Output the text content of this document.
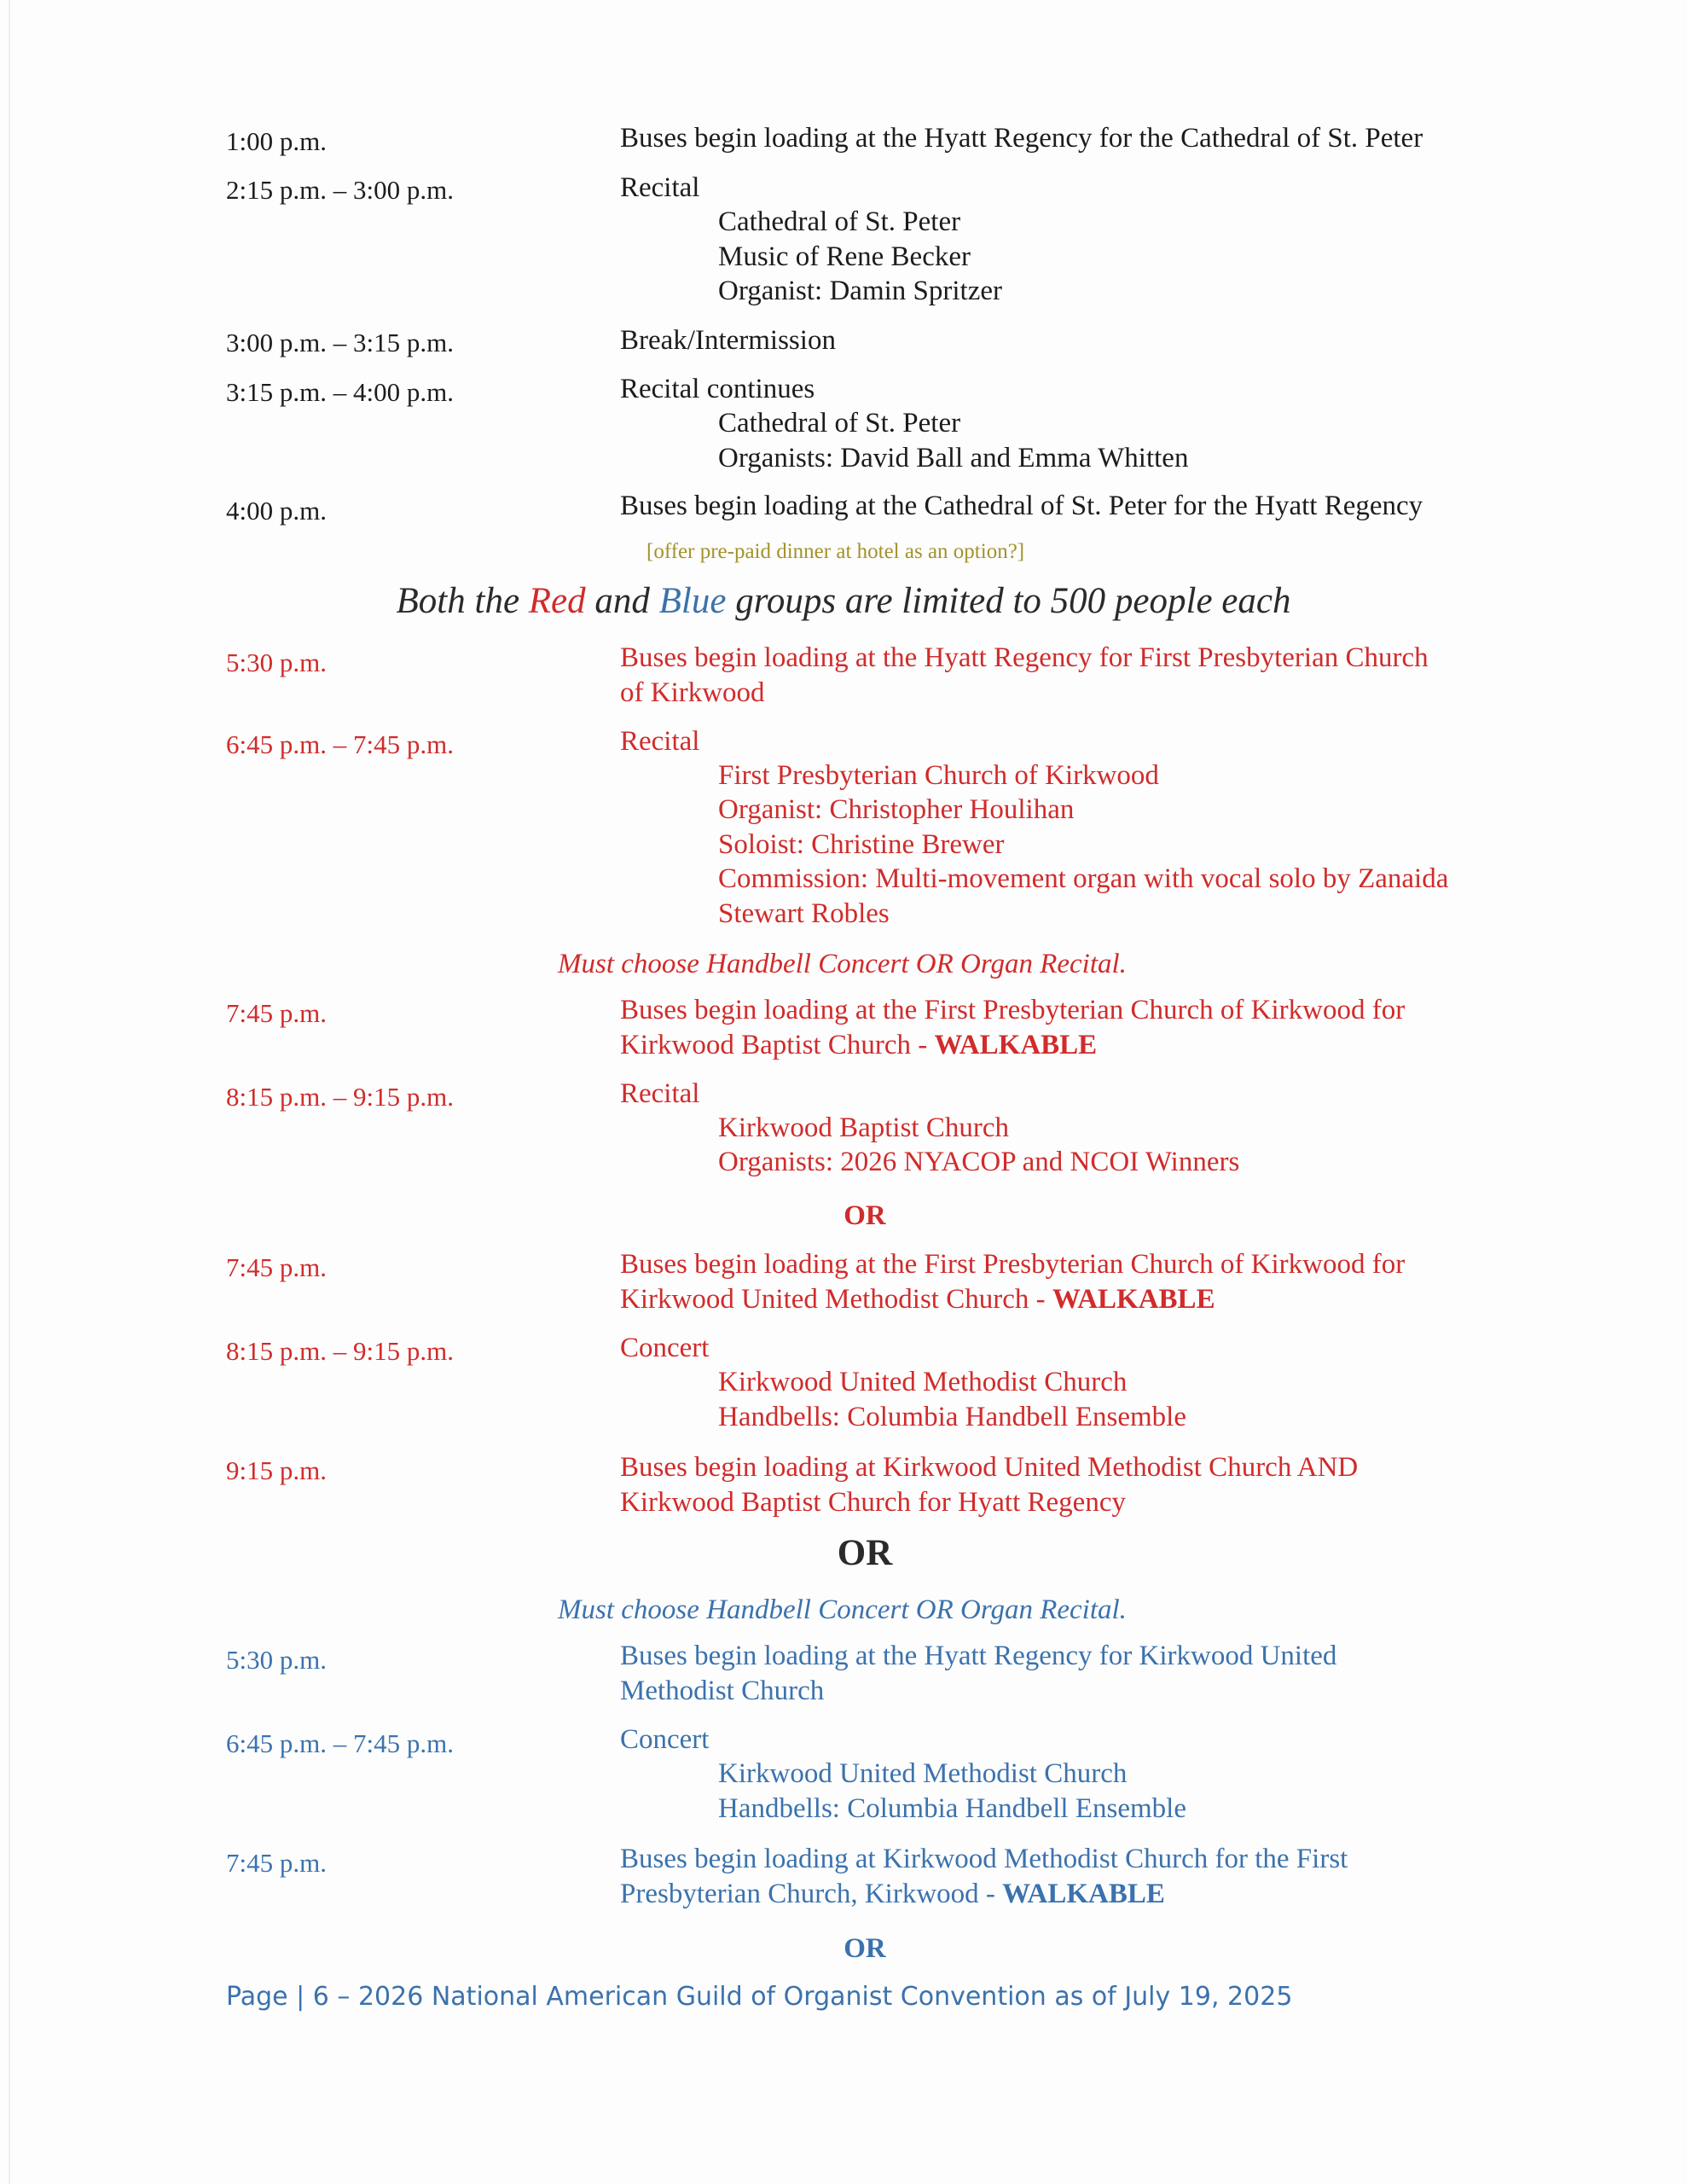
1:00 p.m.	Buses begin loading at the Hyatt Regency for the Cathedral of St. Peter
2:15 p.m. – 3:00 p.m.	Recital
Cathedral of St. Peter
Music of Rene Becker
Organist: Damin Spritzer
3:00 p.m. – 3:15 p.m.	Break/Intermission
3:15 p.m. – 4:00 p.m.	Recital continues
Cathedral of St. Peter
Organists: David Ball and Emma Whitten
4:00 p.m.	Buses begin loading at the Cathedral of St. Peter for the Hyatt Regency
[offer pre-paid dinner at hotel as an option?]
Both the Red and Blue groups are limited to 500 people each
5:30 p.m.	Buses begin loading at the Hyatt Regency for First Presbyterian Church
of Kirkwood
6:45 p.m. – 7:45 p.m.	Recital
First Presbyterian Church of Kirkwood
Organist: Christopher Houlihan
Soloist: Christine Brewer
Commission: Multi-movement organ with vocal solo by Zanaida
Stewart Robles
Must choose Handbell Concert OR Organ Recital.
7:45 p.m.	Buses begin loading at the First Presbyterian Church of Kirkwood for
Kirkwood Baptist Church - WALKABLE
8:15 p.m. – 9:15 p.m.	Recital
Kirkwood Baptist Church
Organists: 2026 NYACOP and NCOI Winners
OR
7:45 p.m.	Buses begin loading at the First Presbyterian Church of Kirkwood for
Kirkwood United Methodist Church - WALKABLE
8:15 p.m. – 9:15 p.m.	Concert
Kirkwood United Methodist Church
Handbells: Columbia Handbell Ensemble
9:15 p.m.	Buses begin loading at Kirkwood United Methodist Church AND
Kirkwood Baptist Church for Hyatt Regency
OR
Must choose Handbell Concert OR Organ Recital.
5:30 p.m.	Buses begin loading at the Hyatt Regency for Kirkwood United
Methodist Church
6:45 p.m. – 7:45 p.m.	Concert
Kirkwood United Methodist Church
Handbells: Columbia Handbell Ensemble
7:45 p.m.	Buses begin loading at Kirkwood Methodist Church for the First
Presbyterian Church, Kirkwood - WALKABLE
OR
Page | 6 – 2026 National American Guild of Organist Convention as of July 19, 2025
